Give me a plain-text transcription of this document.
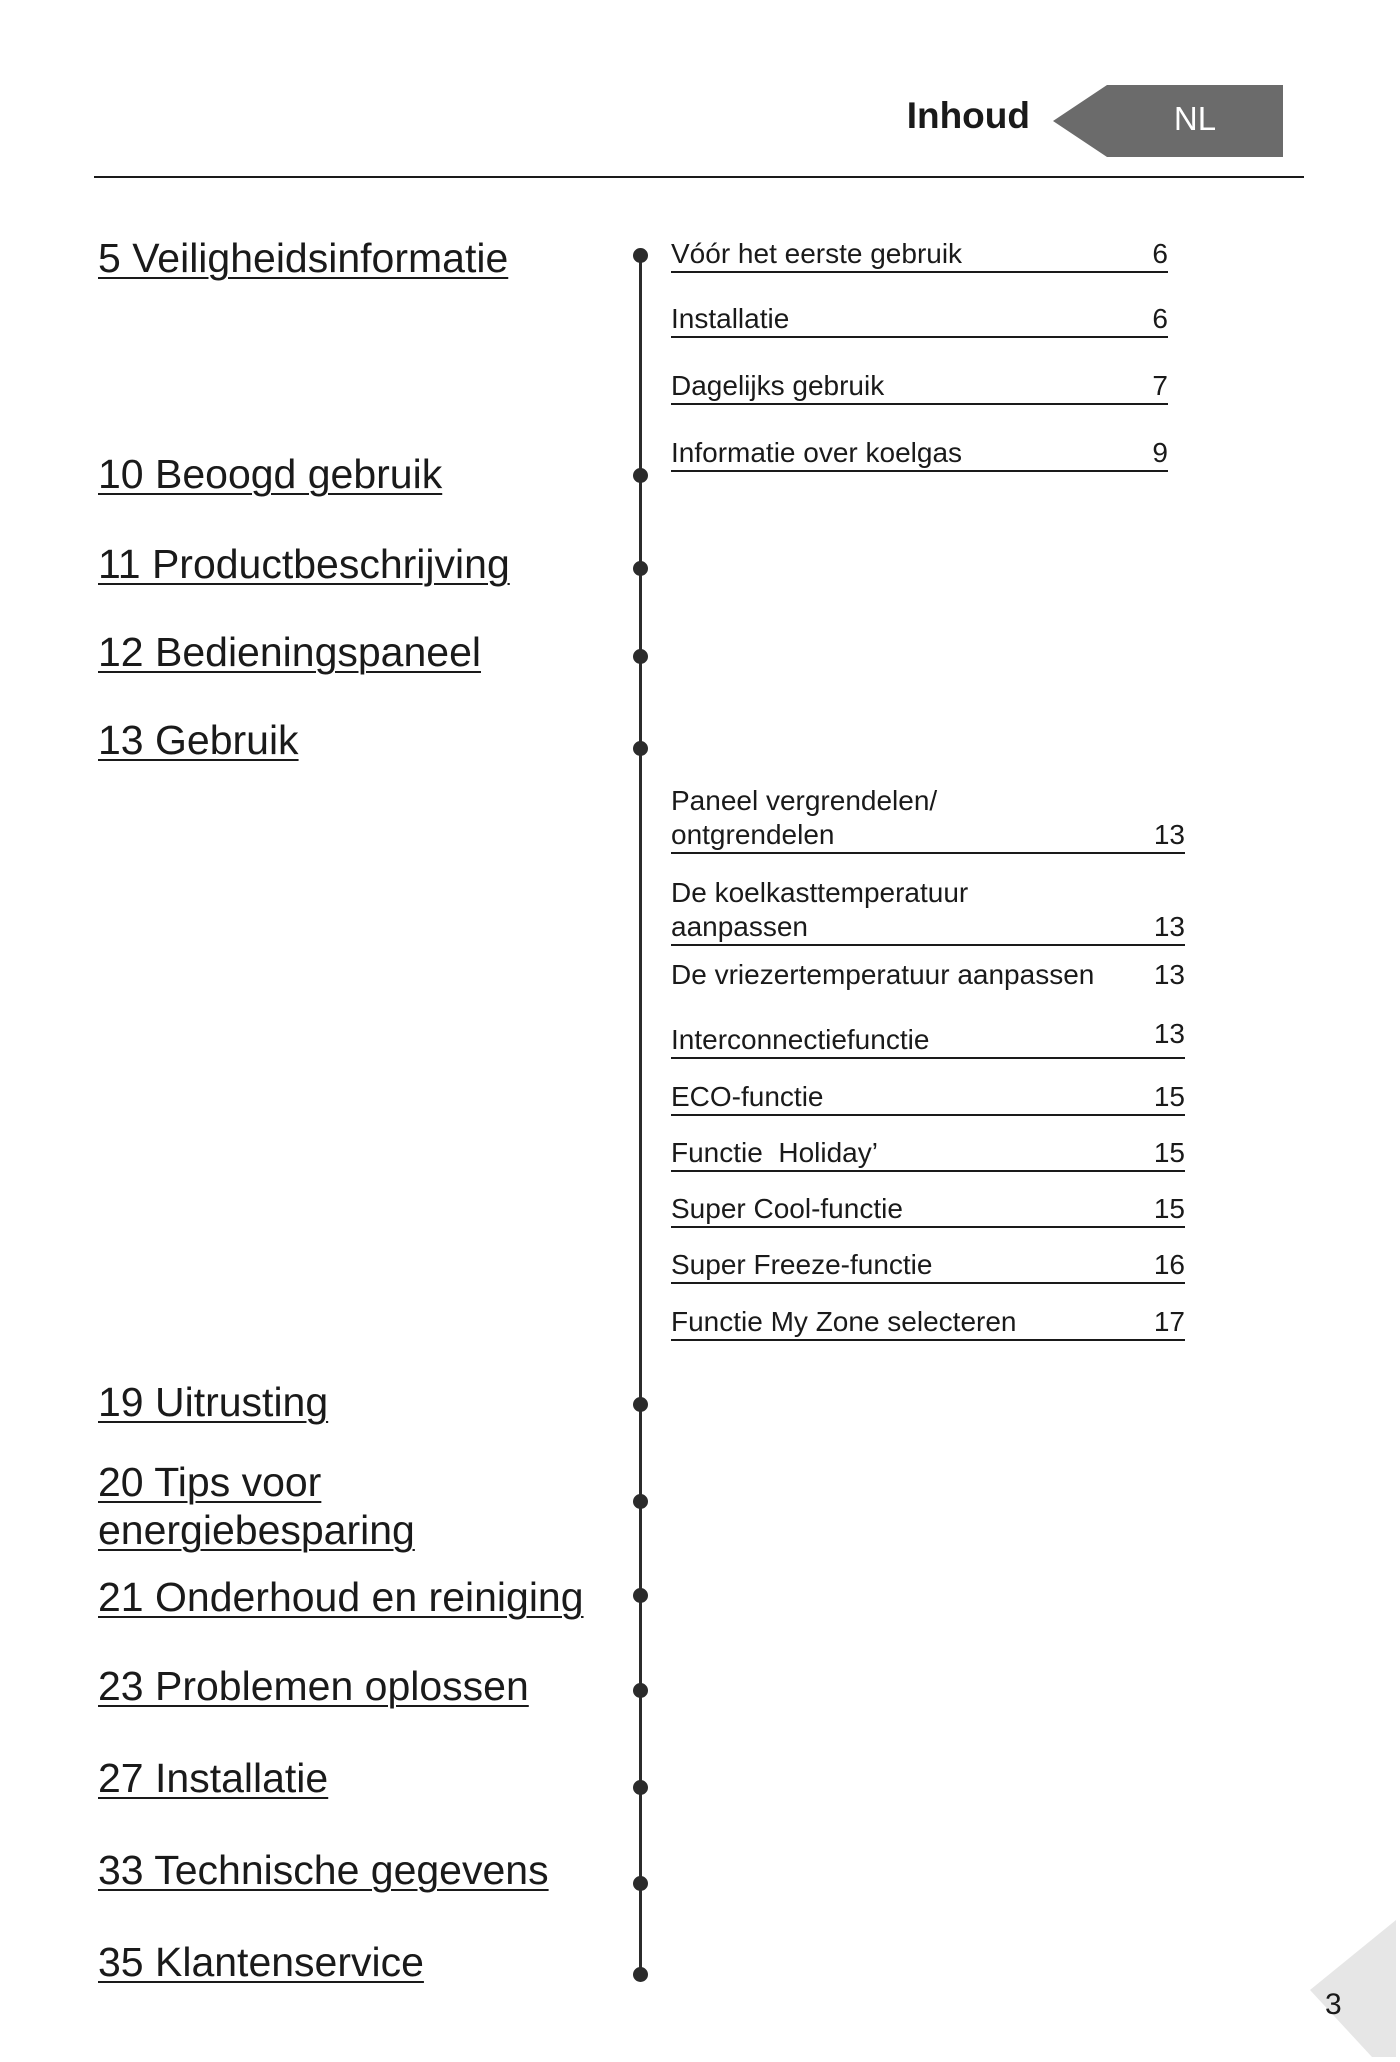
Inhoud	NL
5 Veiligheidsinformatie
10 Beoogd gebruik
11 Productbeschrijving
12 Bedieningspaneel
13 Gebruik
19 Uitrusting
20 Tips voor energiebesparing
21 Onderhoud en reiniging
23 Problemen oplossen
27 Installatie
33 Technische gegevens
35 Klantenservice
Vóór het eerste gebruik	6
Installatie	6
Dagelijks gebruik	7
Informatie over koelgas	9
Paneel vergrendelen/ ontgrendelen	13
De koelkasttemperatuur aanpassen	13
De vriezertemperatuur aanpassen	13
Interconnectiefunctie	13
ECO-functie	15
Functie  Holiday’	15
Super Cool-functie	15
Super Freeze-functie	16
Functie My Zone selecteren	17
3
